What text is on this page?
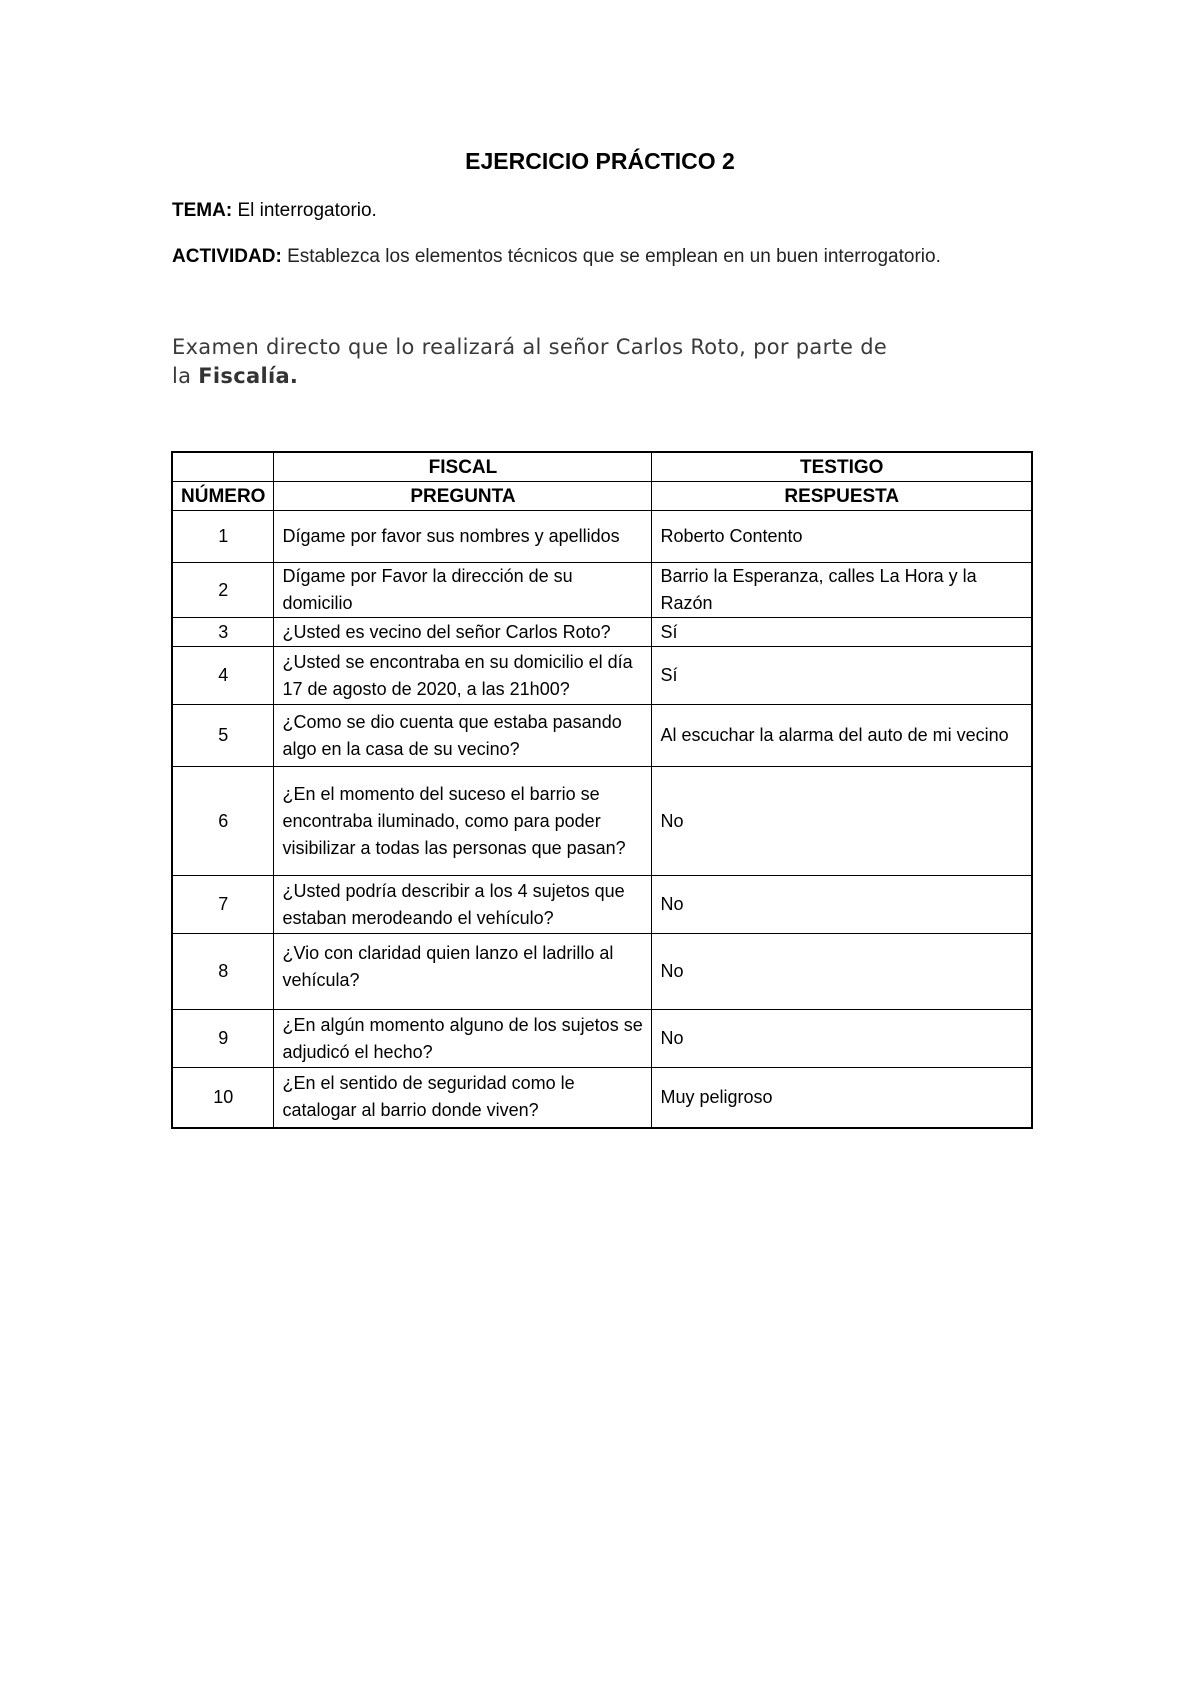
EJERCICIO PRÁCTICO 2
TEMA: El interrogatorio.
ACTIVIDAD: Establezca los elementos técnicos que se emplean en un buen interrogatorio.
Examen directo que lo realizará al señor Carlos Roto, por parte de
la Fiscalía.
	FISCAL	TESTIGO
NÚMERO	PREGUNTA	RESPUESTA
1	Dígame por favor sus nombres y apellidos	Roberto Contento
2	Dígame por Favor la dirección de su domicilio	Barrio la Esperanza, calles La Hora y la Razón
3	¿Usted es vecino del señor Carlos Roto?	Sí
4	¿Usted se encontraba en su domicilio el día 17 de agosto de 2020, a las 21h00?	Sí
5	¿Como se dio cuenta que estaba pasando algo en la casa de su vecino?	Al escuchar la alarma del auto de mi vecino
6	¿En el momento del suceso el barrio se encontraba iluminado, como para poder visibilizar a todas las personas que pasan?	No
7	¿Usted podría describir a los 4 sujetos que estaban merodeando el vehículo?	No
8	¿Vio con claridad quien lanzo el ladrillo al vehícula?	No
9	¿En algún momento alguno de los sujetos se adjudicó el hecho?	No
10	¿En el sentido de seguridad como le catalogar al barrio donde viven?	Muy peligroso
